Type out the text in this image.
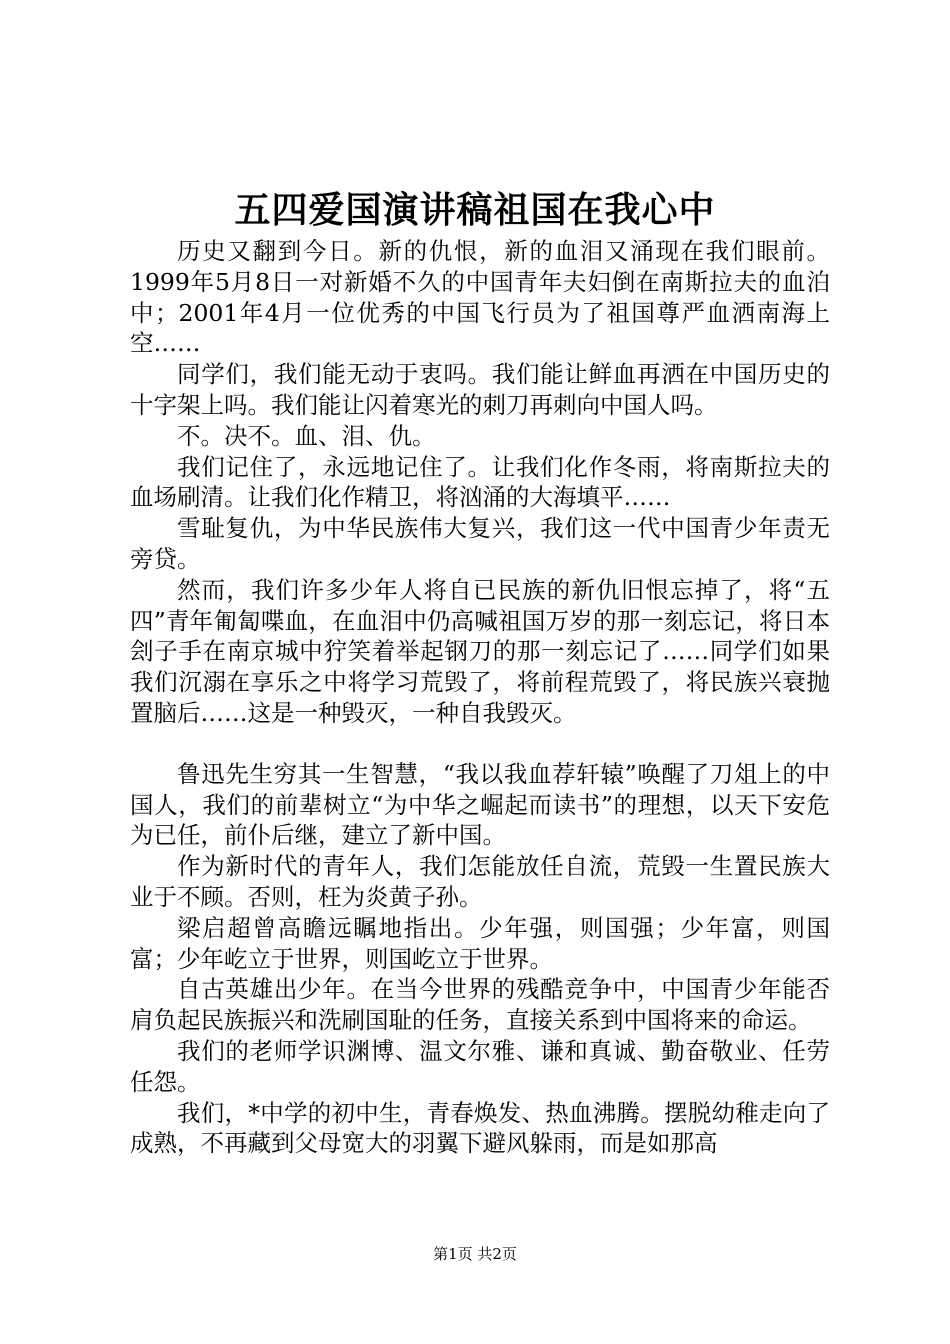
五四爱国演讲稿祖国在我心中

历史又翻到今日。新的仇恨，新的血泪又涌现在我们眼前。1999年5月8日一对新婚不久的中国青年夫妇倒在南斯拉夫的血泊中；2001年4月一位优秀的中国飞行员为了祖国尊严血洒南海上空……

同学们，我们能无动于衷吗。我们能让鲜血再洒在中国历史的十字架上吗。我们能让闪着寒光的刺刀再刺向中国人吗。

不。决不。血、泪、仇。

我们记住了，永远地记住了。让我们化作冬雨，将南斯拉夫的血场刷清。让我们化作精卫，将汹涌的大海填平……

雪耻复仇，为中华民族伟大复兴，我们这一代中国青少年责无旁贷。

然而，我们许多少年人将自已民族的新仇旧恨忘掉了，将“五四”青年匍匐喋血，在血泪中仍高喊祖国万岁的那一刻忘记，将日本刽子手在南京城中狞笑着举起钢刀的那一刻忘记了……同学们如果我们沉溺在享乐之中将学习荒毁了，将前程荒毁了，将民族兴衰抛置脑后……这是一种毁灭，一种自我毁灭。

鲁迅先生穷其一生智慧，“我以我血荐轩辕”唤醒了刀俎上的中国人，我们的前辈树立“为中华之崛起而读书”的理想，以天下安危为已任，前仆后继，建立了新中国。

作为新时代的青年人，我们怎能放任自流，荒毁一生置民族大业于不顾。否则，枉为炎黄子孙。

梁启超曾高瞻远瞩地指出。少年强，则国强；少年富，则国富；少年屹立于世界，则国屹立于世界。

自古英雄出少年。在当今世界的残酷竞争中，中国青少年能否肩负起民族振兴和洗刷国耻的任务，直接关系到中国将来的命运。

我们的老师学识渊博、温文尔雅、谦和真诚、勤奋敬业、任劳任怨。

我们，*中学的初中生，青春焕发、热血沸腾。摆脱幼稚走向了成熟，不再藏到父母宽大的羽翼下避风躲雨，而是如那高

第1页 共2页
